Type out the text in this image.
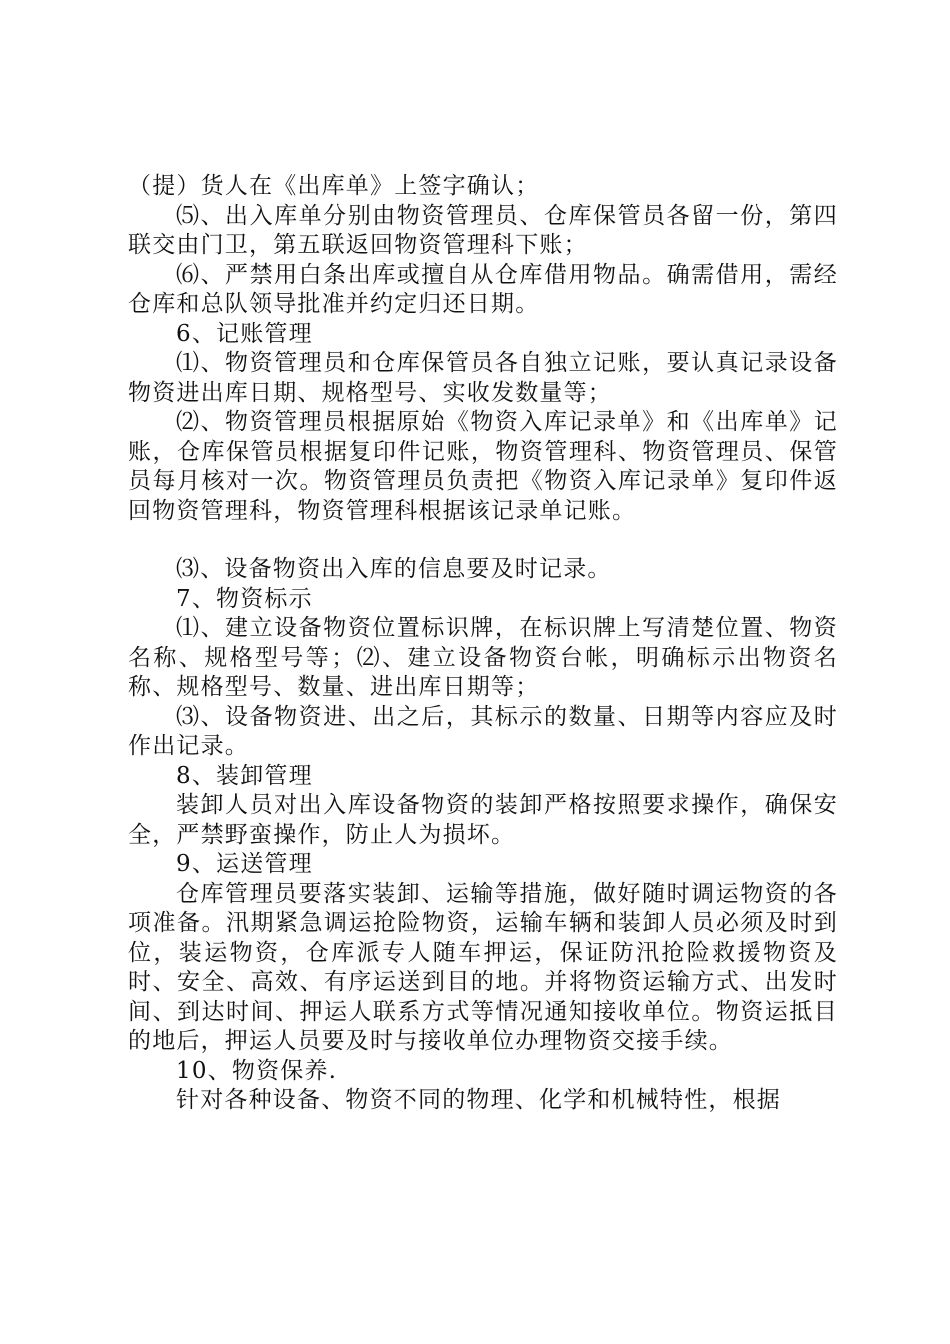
（提）货人在《出库单》上签字确认；

⑸、出入库单分别由物资管理员、仓库保管员各留一份，第四联交由门卫，第五联返回物资管理科下账；

⑹、严禁用白条出库或擅自从仓库借用物品。确需借用，需经仓库和总队领导批准并约定归还日期。

6、记账管理

⑴、物资管理员和仓库保管员各自独立记账，要认真记录设备物资进出库日期、规格型号、实收发数量等；

⑵、物资管理员根据原始《物资入库记录单》和《出库单》记账，仓库保管员根据复印件记账，物资管理科、物资管理员、保管员每月核对一次。物资管理员负责把《物资入库记录单》复印件返回物资管理科，物资管理科根据该记录单记账。

⑶、设备物资出入库的信息要及时记录。

7、物资标示

⑴、建立设备物资位置标识牌，在标识牌上写清楚位置、物资名称、规格型号等；⑵、建立设备物资台帐，明确标示出物资名称、规格型号、数量、进出库日期等；

⑶、设备物资进、出之后，其标示的数量、日期等内容应及时作出记录。

8、装卸管理

装卸人员对出入库设备物资的装卸严格按照要求操作，确保安全，严禁野蛮操作，防止人为损坏。

9、运送管理

仓库管理员要落实装卸、运输等措施，做好随时调运物资的各项准备。汛期紧急调运抢险物资，运输车辆和装卸人员必须及时到位，装运物资，仓库派专人随车押运，保证防汛抢险救援物资及时、安全、高效、有序运送到目的地。并将物资运输方式、出发时间、到达时间、押运人联系方式等情况通知接收单位。物资运抵目的地后，押运人员要及时与接收单位办理物资交接手续。

10、物资保养.

针对各种设备、物资不同的物理、化学和机械特性，根据
